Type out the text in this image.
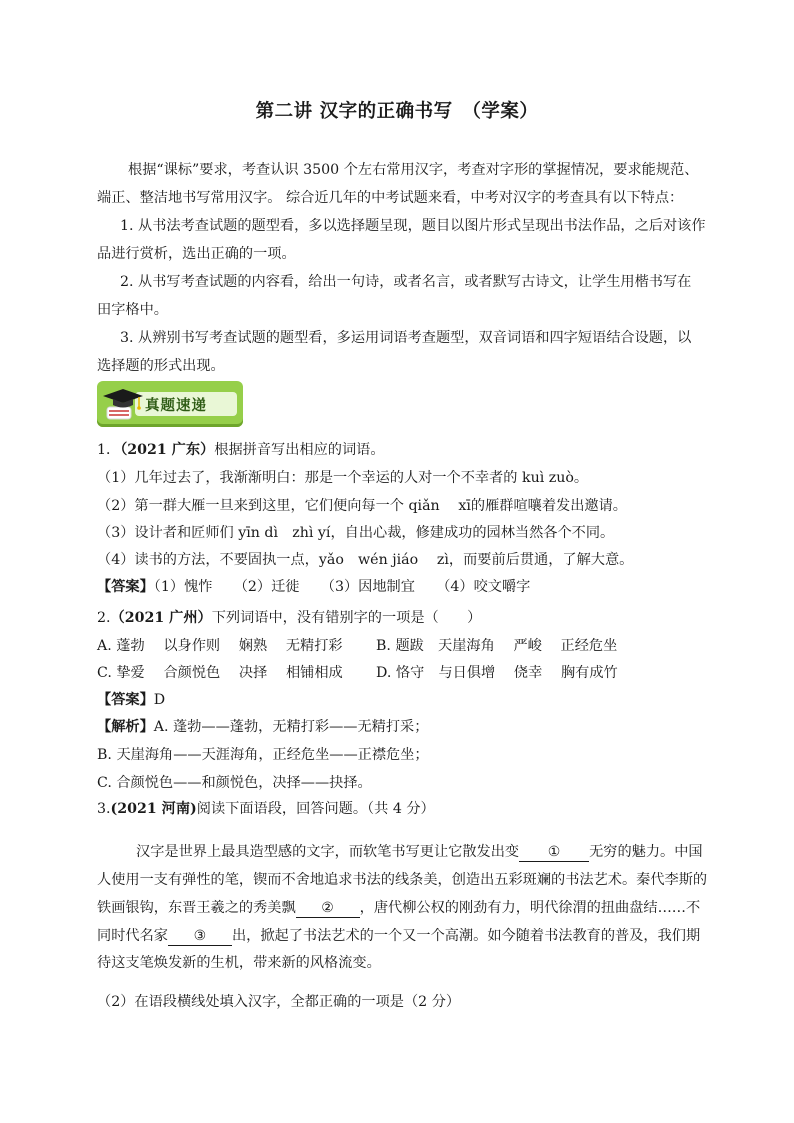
第二讲 汉字的正确书写　（学案）
根据“课标”要求，考查认识 3500 个左右常用汉字，考查对字形的掌握情况，要求能规范、
端正、整洁地书写常用汉字。 综合近几年的中考试题来看，中考对汉字的考查具有以下特点：
1. 从书法考查试题的题型看，多以选择题呈现，题目以图片形式呈现出书法作品，之后对该作
品进行赏析，选出正确的一项。
2. 从书写考查试题的内容看，给出一句诗，或者名言，或者默写古诗文，让学生用楷书写在
田字格中。
3. 从辨别书写考查试题的题型看，多运用词语考查题型，双音词语和四字短语结合设题，以
选择题的形式出现。
真题速递
1．（2021 广东）根据拼音写出相应的词语。
（1）几年过去了，我渐渐明白：那是一个幸运的人对一个不幸者的 kuì zuò。
（2）第一群大雁一旦来到这里，它们便向每一个 qiǎn　 xī的雁群喧嚷着发出邀请。
（3）设计者和匠师们 yīn dì　zhì yí，自出心裁，修建成功的园林当然各个不同。
（4）读书的方法，不要固执一点，yǎo　wén jiáo　 zì，而要前后贯通，了解大意。
【答案】（1）愧怍　　（2）迁徙　　（3）因地制宜　　（4）咬文嚼字
2.（2021 广州）下列词语中，没有错别字的一项是（　　）
A. 蓬勃　 以身作则　 娴熟　 无精打彩 B. 题跋　天崖海角　 严峻　 正经危坐
C. 挚爱　 合颜悦色　 决择　 相铺相成 D. 恪守　与日俱增　 侥幸　 胸有成竹
【答案】D
【解析】A. 蓬勃——蓬勃，无精打彩——无精打采；
B. 天崖海角——天涯海角，正经危坐——正襟危坐；
C. 合颜悦色——和颜悦色，决择——抉择。
3.(2021 河南)阅读下面语段，回答问题。（共 4 分）
汉字是世界上最具造型感的文字，而软笔书写更让它散发出变 ① 无穷的魅力。中国
人使用一支有弹性的笔，锲而不舍地追求书法的线条美，创造出五彩斑斓的书法艺术。秦代李斯的
铁画银钩，东晋王羲之的秀美飘 ② ，唐代柳公权的刚劲有力，明代徐渭的扭曲盘结……不
同时代名家 ③ 出，掀起了书法艺术的一个又一个高潮。如今随着书法教育的普及，我们期
待这支笔焕发新的生机，带来新的风格流变。
（2）在语段横线处填入汉字，全都正确的一项是（2 分）
